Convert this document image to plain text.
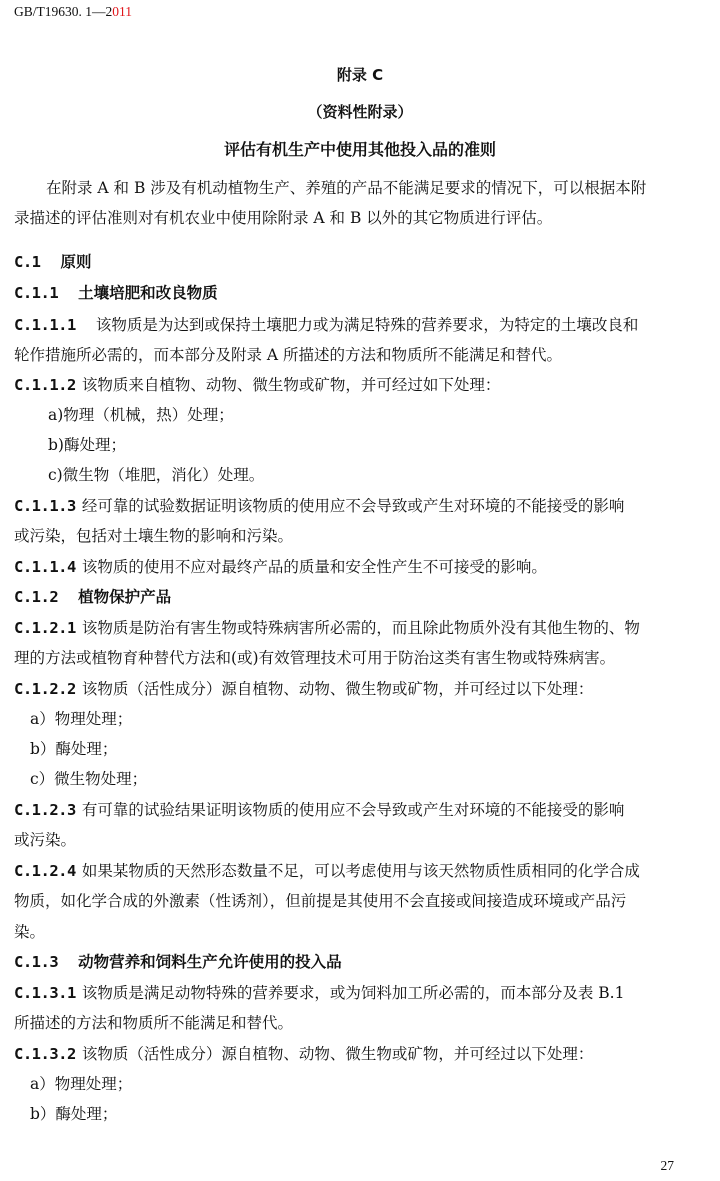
GB/T19630. 1—2011
附录 C
（资料性附录）
评估有机生产中使用其他投入品的准则
在附录 A 和 B 涉及有机动植物生产、养殖的产品不能满足要求的情况下，可以根据本附
录描述的评估准则对有机农业中使用除附录 A 和 B 以外的其它物质进行评估。
C.1 原则
C.1.1 土壤培肥和改良物质
C.1.1.1 该物质是为达到或保持土壤肥力或为满足特殊的营养要求，为特定的土壤改良和
轮作措施所必需的，而本部分及附录 A 所描述的方法和物质所不能满足和替代。
C.1.1.2 该物质来自植物、动物、微生物或矿物，并可经过如下处理：
a)物理（机械，热）处理；
b)酶处理；
c)微生物（堆肥，消化）处理。
C.1.1.3 经可靠的试验数据证明该物质的使用应不会导致或产生对环境的不能接受的影响
或污染，包括对土壤生物的影响和污染。
C.1.1.4 该物质的使用不应对最终产品的质量和安全性产生不可接受的影响。
C.1.2 植物保护产品
C.1.2.1 该物质是防治有害生物或特殊病害所必需的，而且除此物质外没有其他生物的、物
理的方法或植物育种替代方法和(或)有效管理技术可用于防治这类有害生物或特殊病害。
C.1.2.2 该物质（活性成分）源自植物、动物、微生物或矿物，并可经过以下处理：
a）物理处理；
b）酶处理；
c）微生物处理；
C.1.2.3 有可靠的试验结果证明该物质的使用应不会导致或产生对环境的不能接受的影响
或污染。
C.1.2.4 如果某物质的天然形态数量不足，可以考虑使用与该天然物质性质相同的化学合成
物质，如化学合成的外激素（性诱剂），但前提是其使用不会直接或间接造成环境或产品污
染。
C.1.3 动物营养和饲料生产允许使用的投入品
C.1.3.1 该物质是满足动物特殊的营养要求，或为饲料加工所必需的，而本部分及表 B.1
所描述的方法和物质所不能满足和替代。
C.1.3.2 该物质（活性成分）源自植物、动物、微生物或矿物，并可经过以下处理：
a）物理处理；
b）酶处理；
27
